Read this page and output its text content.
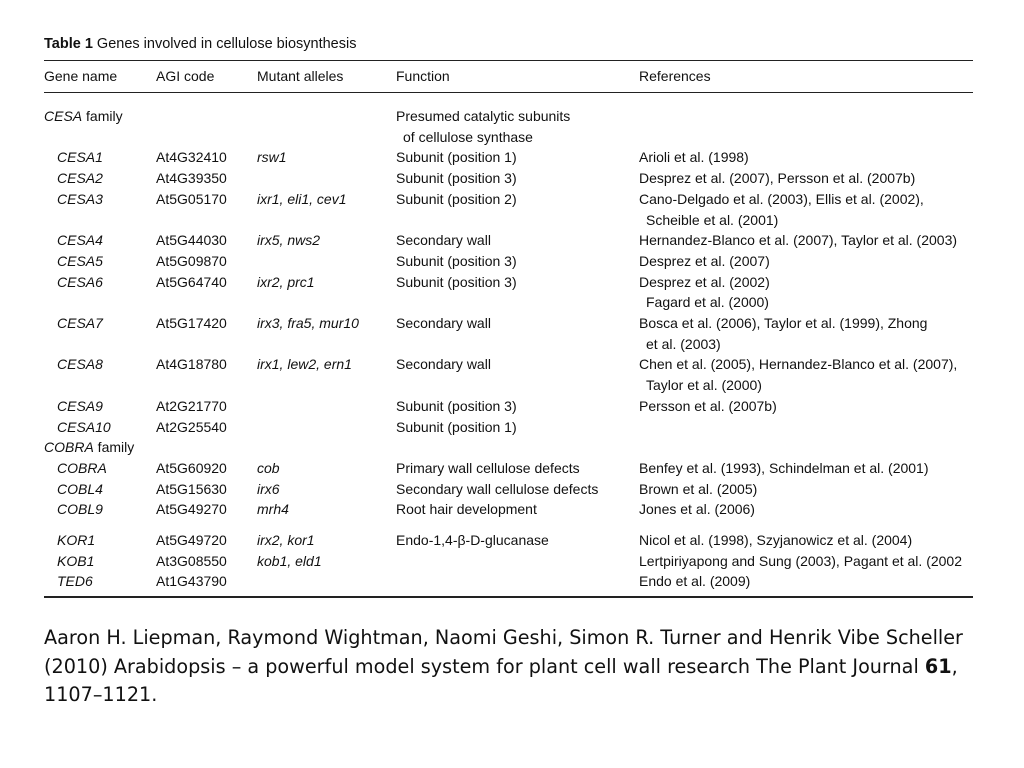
Table 1 Genes involved in cellulose biosynthesis
Gene name	AGI code	Mutant alleles	Function	References
CESA family			Presumed catalytic subunits
of cellulose synthase	

CESA1	At4G32410	rsw1	Subunit (position 1)	Arioli et al. (1998)

CESA2	At4G39350		Subunit (position 3)	Desprez et al. (2007), Persson et al. (2007b)

CESA3	At5G05170	ixr1, eli1, cev1	Subunit (position 2)	Cano-Delgado et al. (2003), Ellis et al. (2002),
Scheible et al. (2001)

CESA4	At5G44030	irx5, nws2	Secondary wall	Hernandez-Blanco et al. (2007), Taylor et al. (2003)

CESA5	At5G09870		Subunit (position 3)	Desprez et al. (2007)

CESA6	At5G64740	ixr2, prc1	Subunit (position 3)	Desprez et al. (2002)
Fagard et al. (2000)

CESA7	At5G17420	irx3, fra5, mur10	Secondary wall	Bosca et al. (2006), Taylor et al. (1999), Zhong
et al. (2003)

CESA8	At4G18780	irx1, lew2, ern1	Secondary wall	Chen et al. (2005), Hernandez-Blanco et al. (2007),
Taylor et al. (2000)

CESA9	At2G21770		Subunit (position 3)	Persson et al. (2007b)

CESA10	At2G25540		Subunit (position 1)	

COBRA family				
COBRA	At5G60920	cob	Primary wall cellulose defects	Benfey et al. (1993), Schindelman et al. (2001)

COBL4	At5G15630	irx6	Secondary wall cellulose defects	Brown et al. (2005)

COBL9	At5G49270	mrh4	Root hair development	Jones et al. (2006)

KOR1	At5G49720	irx2, kor1	Endo-1,4-β-D-glucanase	Nicol et al. (1998), Szyjanowicz et al. (2004)

KOB1	At3G08550	kob1, eld1		Lertpiriyapong and Sung (2003), Pagant et al. (2002

TED6	At1G43790			Endo et al. (2009)
Aaron H. Liepman, Raymond Wightman, Naomi Geshi, Simon R. Turner and Henrik Vibe Scheller (2010) Arabidopsis – a powerful model system for plant cell wall research The Plant Journal 61, 1107–1121.
